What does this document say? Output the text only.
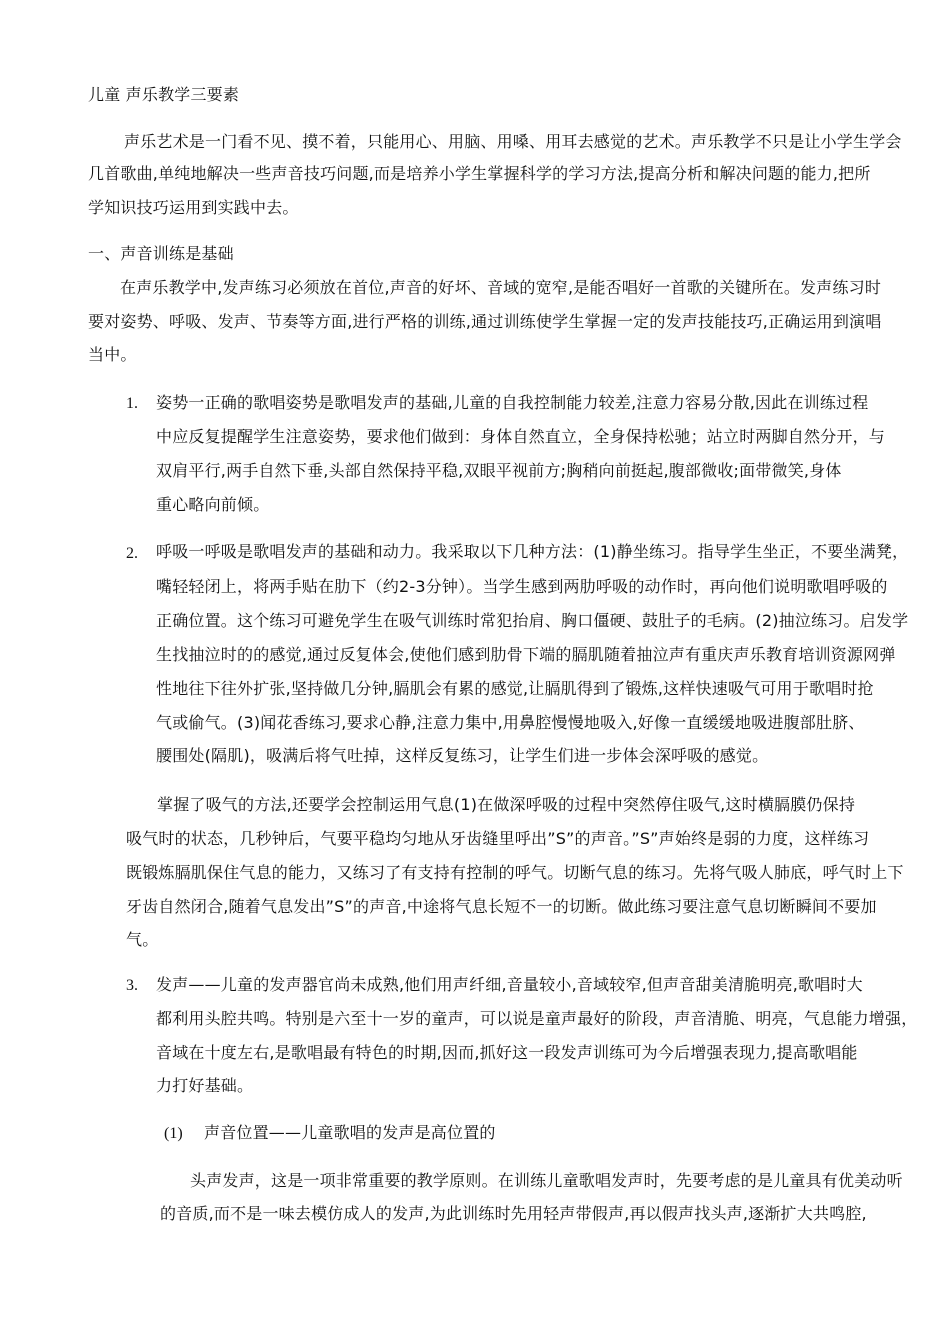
儿童 声乐教学三要素
声乐艺术是一门看不见、摸不着，只能用心、用脑、用嗓、用耳去感觉的艺术。声乐教学不只是让小学生学会
几首歌曲,单纯地解决一些声音技巧问题,而是培养小学生掌握科学的学习方法,提高分析和解决问题的能力,把所
学知识技巧运用到实践中去。
一、声音训练是基础
在声乐教学中,发声练习必须放在首位,声音的好坏、音域的宽窄,是能否唱好一首歌的关键所在。发声练习时
要对姿势、呼吸、发声、节奏等方面,进行严格的训练,通过训练使学生掌握一定的发声技能技巧,正确运用到演唱
当中。
1. 姿势一正确的歌唱姿势是歌唱发声的基础,儿童的自我控制能力较差,注意力容易分散,因此在训练过程
中应反复提醒学生注意姿势，要求他们做到：身体自然直立，全身保持松驰；站立时两脚自然分开，与
双肩平行,两手自然下垂,头部自然保持平稳,双眼平视前方;胸稍向前挺起,腹部微收;面带微笑,身体
重心略向前倾。
2. 呼吸一呼吸是歌唱发声的基础和动力。我采取以下几种方法：(1)静坐练习。指导学生坐正，不要坐满凳，
嘴轻轻闭上，将两手贴在肋下（约2-3分钟）。当学生感到两肋呼吸的动作时，再向他们说明歌唱呼吸的
正确位置。这个练习可避免学生在吸气训练时常犯抬肩、胸口僵硬、鼓肚子的毛病。(2)抽泣练习。启发学
生找抽泣时的的感觉,通过反复体会,使他们感到肋骨下端的膈肌随着抽泣声有重庆声乐教育培训资源网弹
性地往下往外扩张,坚持做几分钟,膈肌会有累的感觉,让膈肌得到了锻炼,这样快速吸气可用于歌唱时抢
气或偷气。(3)闻花香练习,要求心静,注意力集中,用鼻腔慢慢地吸入,好像一直缓缓地吸进腹部肚脐、
腰围处(隔肌)，吸满后将气吐掉，这样反复练习，让学生们进一步体会深呼吸的感觉。
掌握了吸气的方法,还要学会控制运用气息(1)在做深呼吸的过程中突然停住吸气,这时横膈膜仍保持
吸气时的状态，几秒钟后，气要平稳均匀地从牙齿缝里呼出”S”的声音。”S”声始终是弱的力度，这样练习
既锻炼膈肌保住气息的能力，又练习了有支持有控制的呼气。切断气息的练习。先将气吸人肺底，呼气时上下
牙齿自然闭合,随着气息发出”S”的声音,中途将气息长短不一的切断。做此练习要注意气息切断瞬间不要加
气。
3. 发声——儿童的发声器官尚未成熟,他们用声纤细,音量较小,音域较窄,但声音甜美清脆明亮,歌唱时大
都利用头腔共鸣。特别是六至十一岁的童声，可以说是童声最好的阶段，声音清脆、明亮，气息能力增强，
音域在十度左右,是歌唱最有特色的时期,因而,抓好这一段发声训练可为今后增强表现力,提高歌唱能
力打好基础。
(1) 声音位置——儿童歌唱的发声是高位置的
头声发声，这是一项非常重要的教学原则。在训练儿童歌唱发声时，先要考虑的是儿童具有优美动听
的音质,而不是一味去模仿成人的发声,为此训练时先用轻声带假声,再以假声找头声,逐渐扩大共鸣腔,
